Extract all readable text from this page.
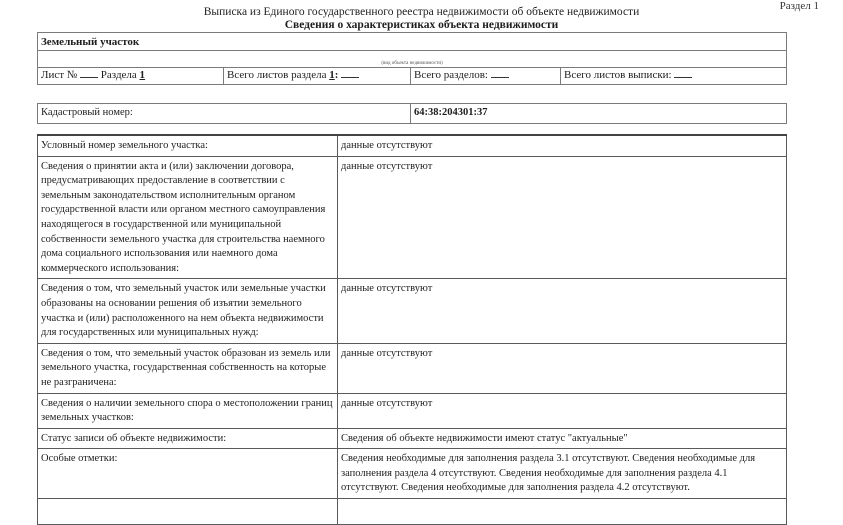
Раздел 1
Выписка из Единого государственного реестра недвижимости об объекте недвижимости
Сведения о характеристиках объекта недвижимости
Земельный участок			
(вид объекта недвижимости)			
Лист № Раздела 1	Всего листов раздела 1:	Всего разделов:	Всего листов выписки:

Кадастровый номер:		64:38:204301:37	
Условный номер земельного участка:	данные отсутствуют
Сведения о принятии акта и (или) заключении договора, предусматривающих предоставление в соответствии с земельным законодательством исполнительным органом государственной власти или органом местного самоуправления находящегося в государственной или муниципальной собственности земельного участка для строительства наемного дома социального использования или наемного дома коммерческого использования:	данные отсутствуют
Сведения о том, что земельный участок или земельные участки образованы на основании решения об изъятии земельного участка и (или) расположенного на нем объекта недвижимости для государственных или муниципальных нужд:	данные отсутствуют
Сведения о том, что земельный участок образован из земель или земельного участка, государственная собственность на которые не разграничена:	данные отсутствуют
Сведения о наличии земельного спора о местоположении границ земельных участков:	данные отсутствуют
Статус записи об объекте недвижимости:	Сведения об объекте недвижимости имеют статус "актуальные"
Особые отметки:	Сведения необходимые для заполнения раздела 3.1 отсутствуют. Сведения необходимые для заполнения раздела 4 отсутствуют. Сведения необходимые для заполнения раздела 4.1 отсутствуют. Сведения необходимые для заполнения раздела 4.2 отсутствуют.
